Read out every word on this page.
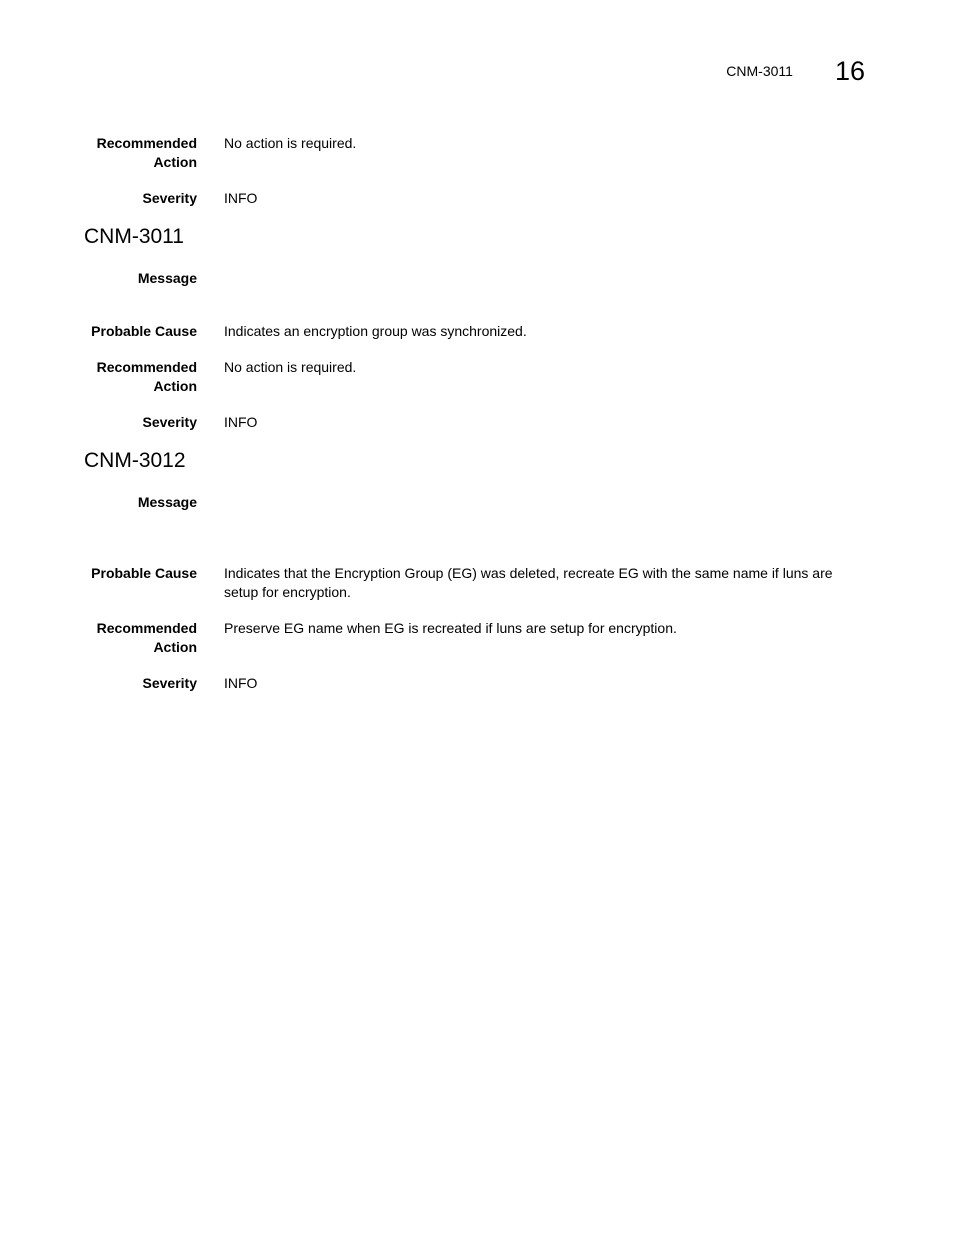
CNM-3011 16
Recommended
Action
No action is required.
Severity INFO
CNM-3011
Message
Probable Cause Indicates an encryption group was synchronized.
Recommended
Action
No action is required.
Severity INFO
CNM-3012
Message
Probable Cause Indicates that the Encryption Group (EG) was deleted, recreate EG with the same name if luns are setup for encryption.
Recommended
Action
Preserve EG name when EG is recreated if luns are setup for encryption.
Severity INFO
